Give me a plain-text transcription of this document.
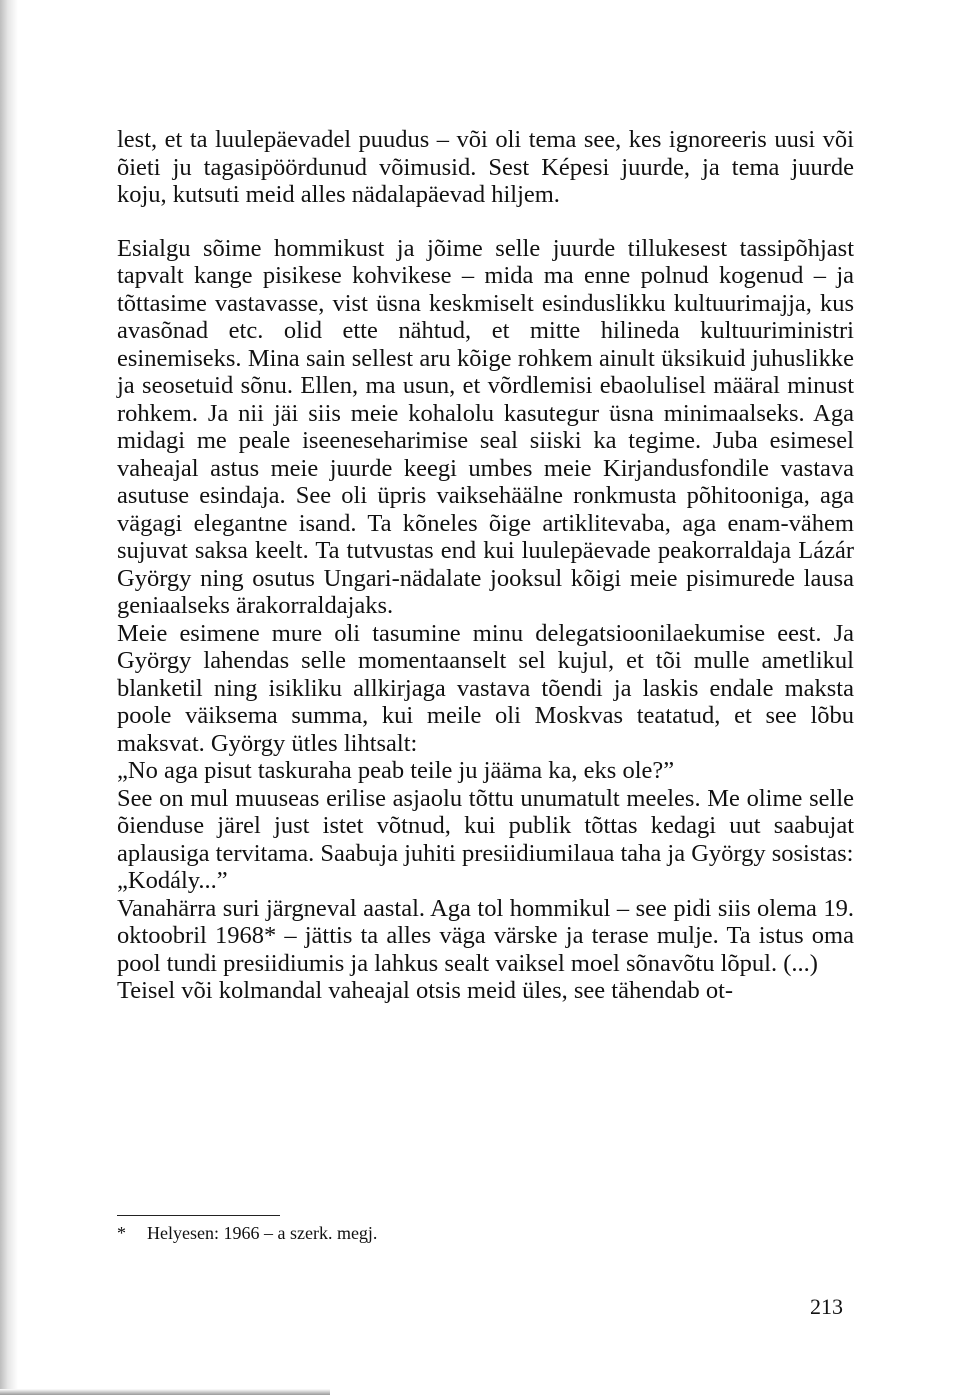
lest, et ta luulepäevadel puudus – või oli tema see, kes ignoreeris uusi või õieti ju tagasipöördunud võimusid. Sest Képesi juurde, ja tema juurde koju, kutsuti meid alles nädalapäevad hiljem.

Esialgu sõime hommikust ja jõime selle juurde tillukesest tassipõhjast tapvalt kange pisikese kohvikese – mida ma enne polnud kogenud – ja tõttasime vastavasse, vist üsna keskmiselt esinduslikku kultuurimajja, kus avasõnad etc. olid ette nähtud, et mitte hilineda kultuuriministri esinemiseks. Mina sain sellest aru kõige rohkem ainult üksikuid juhuslikke ja seosetuid sõnu. Ellen, ma usun, et võrdlemisi ebaolulisel määral minust rohkem. Ja nii jäi siis meie kohalolu kasutegur üsna minimaalseks. Aga midagi me peale iseeneseharimise seal siiski ka tegime. Juba esimesel vaheajal astus meie juurde keegi umbes meie Kirjandusfondile vastava asutuse esindaja. See oli üpris vaiksehäälne ronkmusta põhitooniga, aga vägagi elegantne isand. Ta kõneles õige artiklitevaba, aga enam-vähem sujuvat saksa keelt. Ta tutvustas end kui luulepäevade peakorraldaja Lázár György ning osutus Ungari-nädalate jooksul kõigi meie pisimurede lausa geniaalseks ärakorraldajaks.

Meie esimene mure oli tasumine minu delegatsioonilaekumise eest. Ja György lahendas selle momentaanselt sel kujul, et tõi mulle ametlikul blanketil ning isikliku allkirjaga vastava tõendi ja laskis endale maksta poole väiksema summa, kui meile oli Moskvas teatatud, et see lõbu maksvat. György ütles lihtsalt:

„No aga pisut taskuraha peab teile ju jääma ka, eks ole?”

See on mul muuseas erilise asjaolu tõttu unumatult meeles. Me olime selle õienduse järel just istet võtnud, kui publik tõttas kedagi uut saabujat aplausiga tervitama. Saabuja juhiti presiidiumilaua taha ja György sosistas:

„Kodály...”

Vanahärra suri järgneval aastal. Aga tol hommikul – see pidi siis olema 19. oktoobril 1968* – jättis ta alles väga värske ja terase mulje. Ta istus oma pool tundi presiidiumis ja lahkus sealt vaiksel moel sõnavõtu lõpul. (...)

Teisel või kolmandal vaheajal otsis meid üles, see tähendab ot-

* Helyesen: 1966 – a szerk. megj.
213
